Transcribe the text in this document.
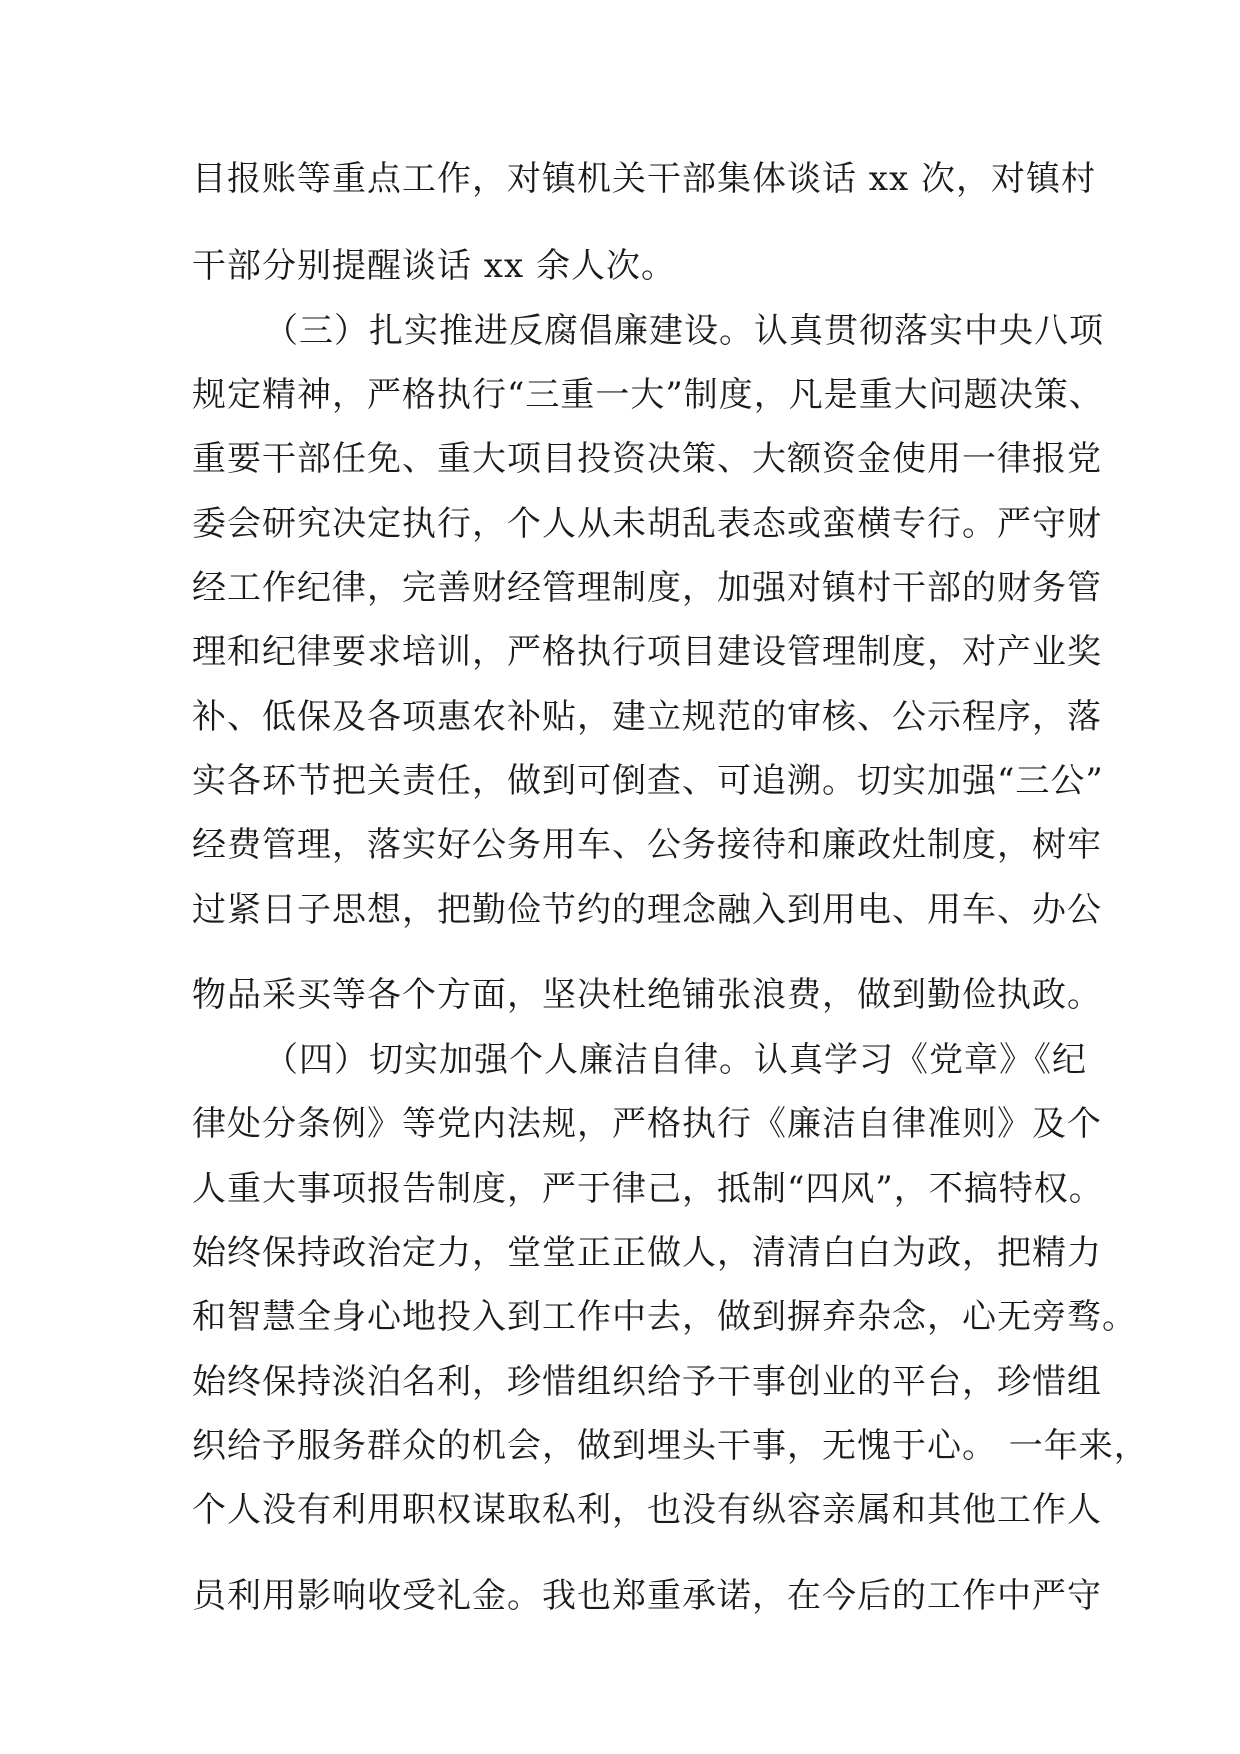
目报账等重点工作，对镇机关干部集体谈话 xx 次，对镇村
干部分别提醒谈话 xx 余人次。
（三）扎实推进反腐倡廉建设。认真贯彻落实中央八项
规定精神，严格执行“三重一大”制度，凡是重大问题决策、
重要干部任免、重大项目投资决策、大额资金使用一律报党
委会研究决定执行，个人从未胡乱表态或蛮横专行。严守财
经工作纪律，完善财经管理制度，加强对镇村干部的财务管
理和纪律要求培训，严格执行项目建设管理制度，对产业奖
补、低保及各项惠农补贴，建立规范的审核、公示程序，落
实各环节把关责任，做到可倒查、可追溯。切实加强“三公”
经费管理，落实好公务用车、公务接待和廉政灶制度，树牢
过紧日子思想，把勤俭节约的理念融入到用电、用车、办公
物品采买等各个方面，坚决杜绝铺张浪费，做到勤俭执政。
（四）切实加强个人廉洁自律。认真学习《党章》《纪
律处分条例》等党内法规，严格执行《廉洁自律准则》及个
人重大事项报告制度，严于律己，抵制“四风”，不搞特权。
始终保持政治定力，堂堂正正做人，清清白白为政，把精力
和智慧全身心地投入到工作中去，做到摒弃杂念，心无旁骛。
始终保持淡泊名利，珍惜组织给予干事创业的平台，珍惜组
织给予服务群众的机会，做到埋头干事，无愧于心。 一年来，
个人没有利用职权谋取私利，也没有纵容亲属和其他工作人
员利用影响收受礼金。我也郑重承诺，在今后的工作中严守
